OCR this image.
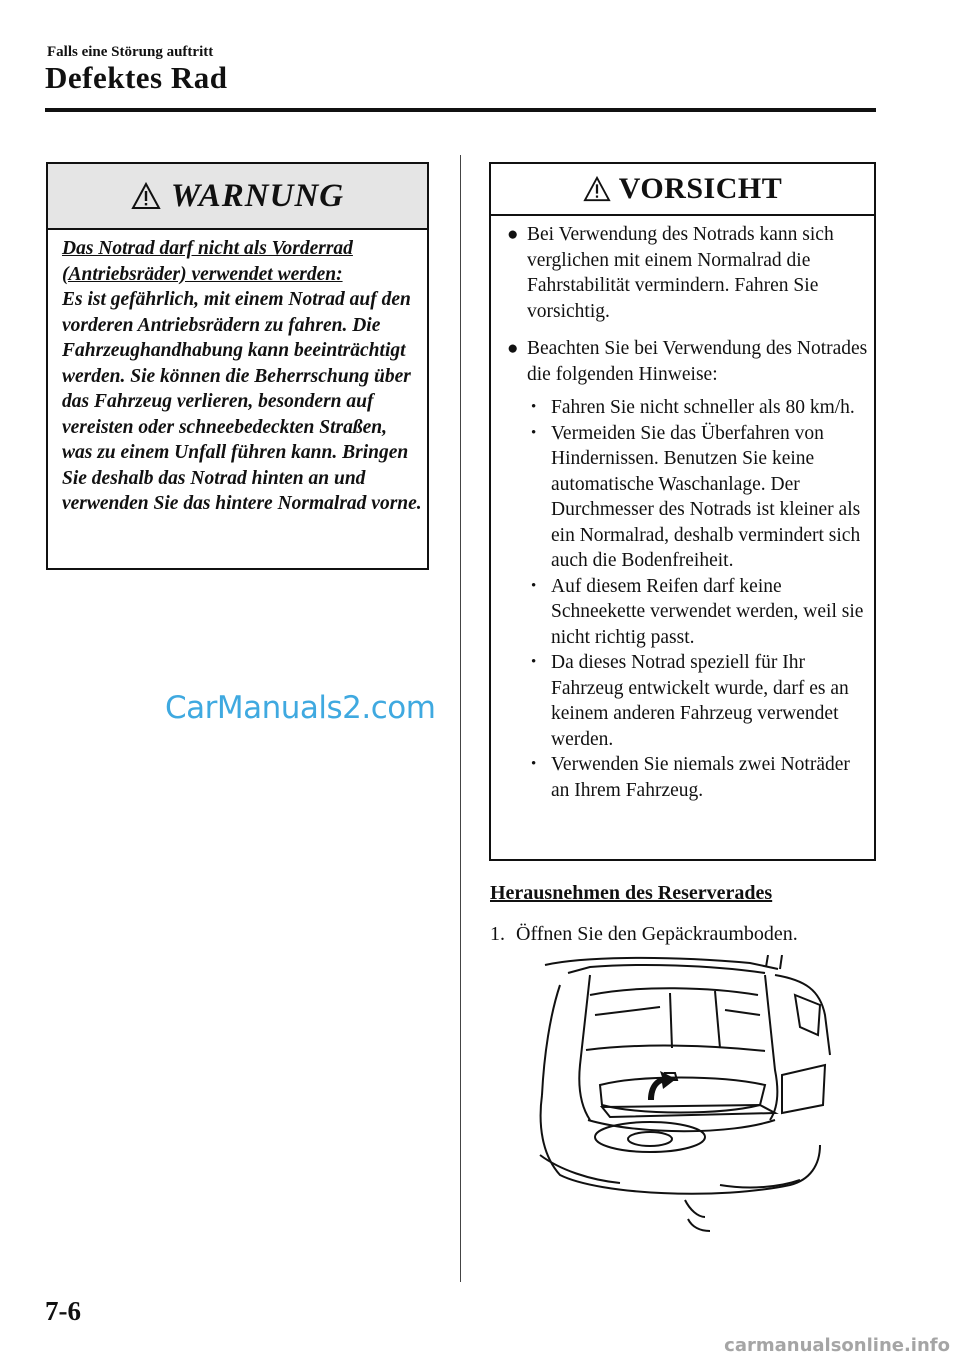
Falls eine Störung auftritt
Defektes Rad
WARNUNG
Das Notrad darf nicht als Vorderrad
(Antriebsräder) verwendet werden:
Es ist gefährlich, mit einem Notrad auf den vorderen Antriebsrädern zu fahren. Die Fahrzeughandhabung kann beeinträchtigt werden. Sie können die Beherrschung über das Fahrzeug verlieren, besondern auf vereisten oder schneebedeckten Straßen, was zu einem Unfall führen kann. Bringen Sie deshalb das Notrad hinten an und verwenden Sie das hintere Normalrad vorne.
VORSICHT
● Bei Verwendung des Notrads kann sich verglichen mit einem Normalrad die Fahrstabilität vermindern. Fahren Sie vorsichtig.
● Beachten Sie bei Verwendung des Notrades die folgenden Hinweise:
• Fahren Sie nicht schneller als 80 km/h.
• Vermeiden Sie das Überfahren von Hindernissen. Benutzen Sie keine automatische Waschanlage. Der Durchmesser des Notrads ist kleiner als ein Normalrad, deshalb vermindert sich auch die Bodenfreiheit.
• Auf diesem Reifen darf keine Schneekette verwendet werden, weil sie nicht richtig passt.
• Da dieses Notrad speziell für Ihr Fahrzeug entwickelt wurde, darf es an keinem anderen Fahrzeug verwendet werden.
• Verwenden Sie niemals zwei Noträder an Ihrem Fahrzeug.
CarManuals2.com
Herausnehmen des Reserverades
1. Öffnen Sie den Gepäckraumboden.
7-6
carmanualsonline.info
